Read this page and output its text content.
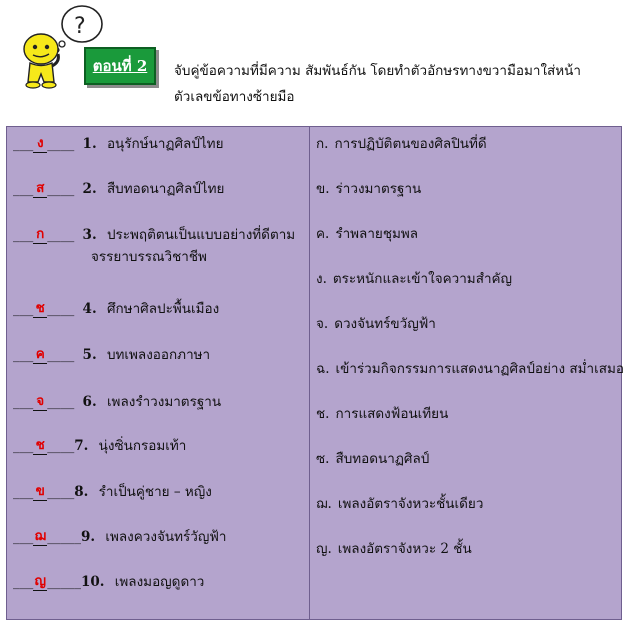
?
ตอนที่ 2	จับคู่ข้อความที่มีความ สัมพันธ์กัน โดยทำตัวอักษรทางขวามือมาใส่หน้า
ตัวเลขข้อทางซ้ายมือ
___ ง ____ 1. อนุรักษ์นาฏศิลป์ไทย
___ ส ____ 2. สืบทอดนาฏศิลป์ไทย
___ ก ____ 3. ประพฤติตนเป็นแบบอย่างที่ดีตาม
จรรยาบรรณวิชาชีพ
___ ช ____ 4. ศึกษาศิลปะพื้นเมือง
___ ค ____ 5. บทเพลงออกภาษา
___ จ ____ 6. เพลงรำวงมาตรฐาน
___ ช ____7. นุ่งซิ่นกรอมเท้า
___ ข ____8. รำเป็นคู่ชาย – หญิง
___ฌ_____9. เพลงควงจันทร์วัญฟ้า
___ญ_____10. เพลงมอญดูดาว
ก. การปฏิบัติตนของศิลปินที่ดี
ข. ร่าวงมาตรฐาน
ค. รำพลายชุมพล
ง. ตระหนักและเข้าใจความสำคัญ
จ. ดวงจันทร์ขวัญฟ้า
ฉ. เข้าร่วมกิจกรรมการแสดงนาฏศิลป์อย่าง สม่ำเสมอ
ช. การแสดงฟ้อนเทียน
ซ. สืบทอดนาฏศิลป์
ฌ. เพลงอัตราจังหวะชั้นเดียว
ญ. เพลงอัตราจังหวะ 2 ชั้น
